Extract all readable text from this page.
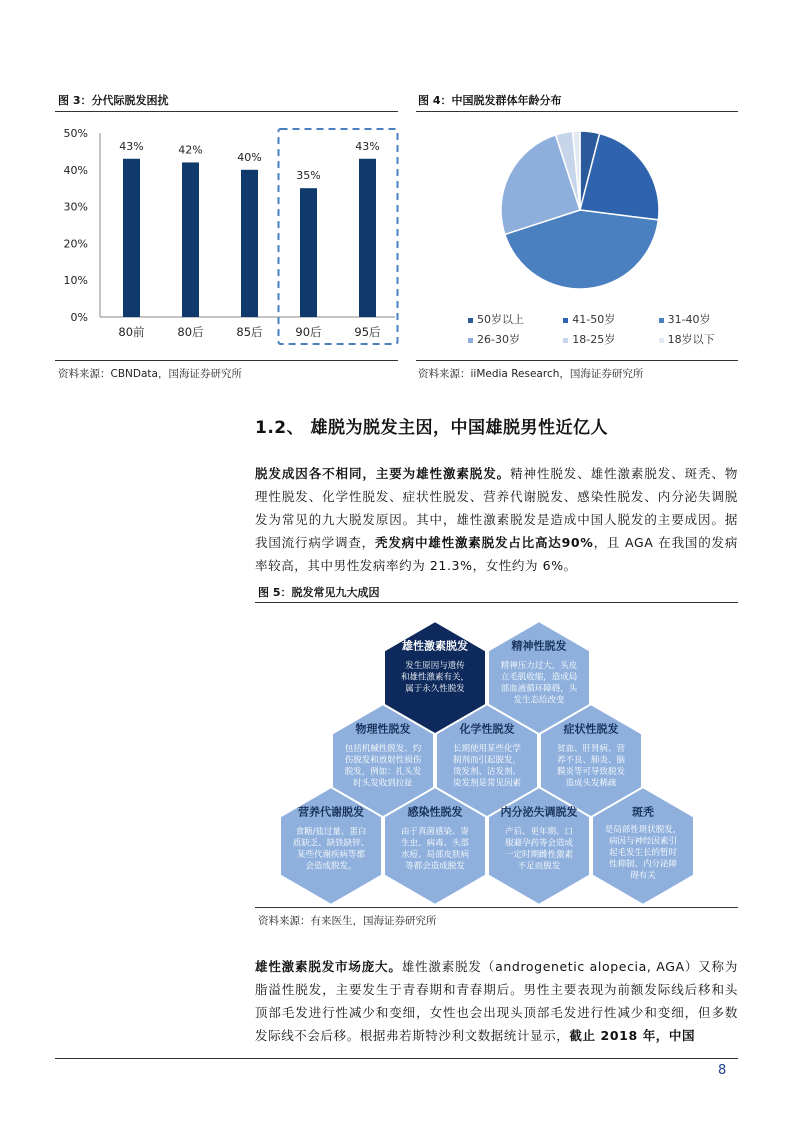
图 3：分代际脱发困扰	图 4：中国脱发群体年龄分布
0%
10%
20%
30%
40%
50%
43%	42%
40%
35%
43%
80前	80后	85后	90后	95后
50岁以上	41-50岁	31-40岁
26-30岁	18-25岁	18岁以下
资料来源：CBNData，国海证券研究所	资料来源：iiMedia Research，国海证券研究所
1.2、 雄脱为脱发主因，中国雄脱男性近亿人
脱发成因各不相同，主要为雄性激素脱发。精神性脱发、雄性激素脱发、斑秃、物理性脱发、化学性脱发、症状性脱发、营养代谢脱发、感染性脱发、内分泌失调脱发为常见的九大脱发原因。其中，雄性激素脱发是造成中国人脱发的主要成因。据我国流行病学调查，秃发病中雄性激素脱发占比高达90%，且 AGA 在我国的发病率较高，其中男性发病率约为 21.3%，女性约为 6%。
图 5：脱发常见九大成因
雄性激素脱发
发生原因与遗传
和雄性激素有关，
属于永久性脱发
精神性脱发
精神压力过大，头皮
立毛肌收缩，造成局
部血液循环障碍，头
发生态给改变
物理性脱发
包括机械性脱发、灼
伤脱发和放射性损伤
脱发，例如：扎头发
时头发收到拉扯
化学性脱发
长期使用某些化学
制剂而引起脱发，
烫发剂、洁发剂、
染发剂是常见因素
症状性脱发
贫血、肝肾病、营
养不良、肺炎、脑
膜炎等可导致脱发
造成头发稀疏
营养代谢脱发
食糖/盐过量、蛋白
质缺乏、缺铁缺锌、
某些代谢疾病等都
会造成脱发。
感染性脱发
由于真菌感染、寄
生虫、病毒、头部
水痘、局部皮肤病
等都会造成脱发
内分泌失调脱发
产后、更年期、口
服避孕药等会造成
一定时期雌性激素
不足而脱发
斑秃
是局部性斑状脱发，
病因与神经因素引
起毛发生长的暂时
性抑制、内分泌障
碍有关
资料来源：有来医生，国海证券研究所
雄性激素脱发市场庞大。雄性激素脱发（androgenetic alopecia, AGA）又称为脂溢性脱发，主要发生于青春期和青春期后。男性主要表现为前额发际线后移和头顶部毛发进行性减少和变细，女性也会出现头顶部毛发进行性减少和变细，但多数发际线不会后移。根据弗若斯特沙利文数据统计显示，截止 2018 年，中国
8
